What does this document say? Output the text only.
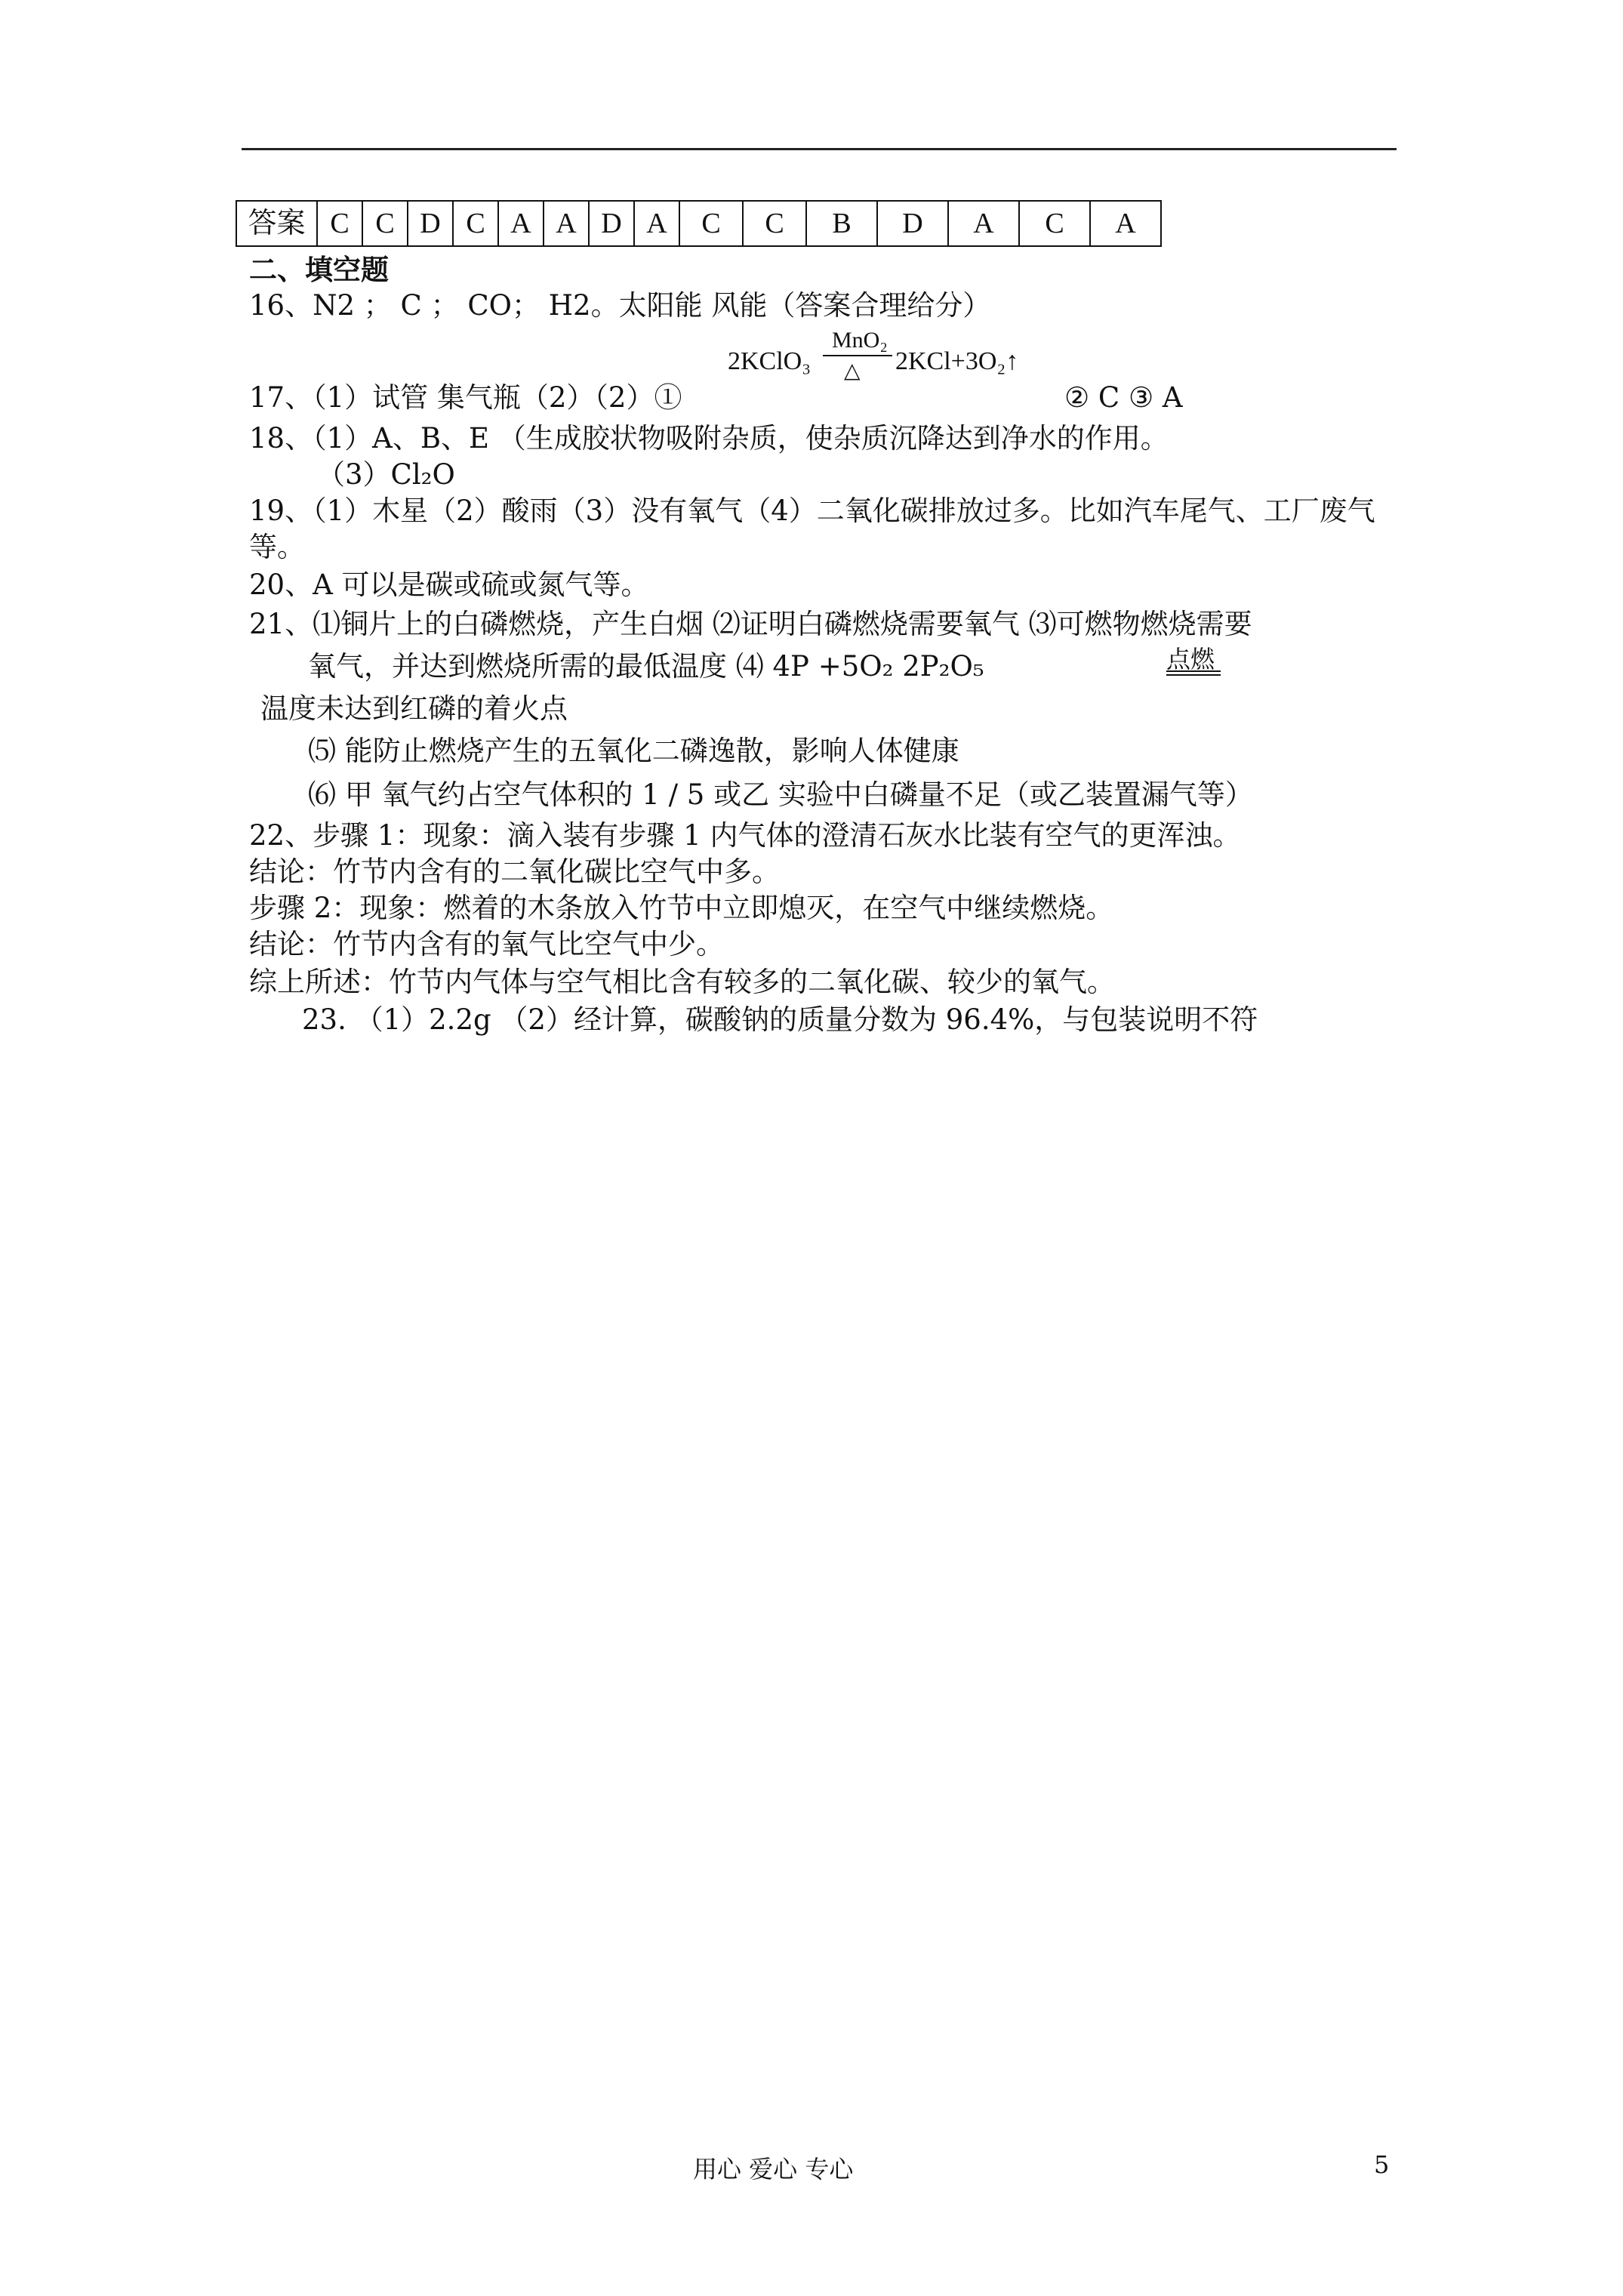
答案	C	C	D	C	A	A	D	A	C	C	B	D	A	C	A
二、填空题
16、N2 ； C ； CO； H2。太阳能 风能（答案合理给分）
17、（1）试管 集气瓶（2）（2）①
2KClO₃
MnO₂
△ 2KCl+3O₂↑
② C ③ A
18、（1）A、B、E （生成胶状物吸附杂质，使杂质沉降达到净水的作用。
（3）Cl₂O
19、（1）木星（2）酸雨（3）没有氧气（4）二氧化碳排放过多。比如汽车尾气、工厂废气
等。
20、A 可以是碳或硫或氮气等。
21、⑴铜片上的白磷燃烧，产生白烟 ⑵证明白磷燃烧需要氧气 ⑶可燃物燃烧需要
氧气，并达到燃烧所需的最低温度 ⑷ 4P +5O₂ 2P₂O₅	点燃
温度未达到红磷的着火点
⑸ 能防止燃烧产生的五氧化二磷逸散，影响人体健康
⑹ 甲 氧气约占空气体积的 1 / 5 或乙 实验中白磷量不足（或乙装置漏气等）
22、步骤 1：现象：滴入装有步骤 1 内气体的澄清石灰水比装有空气的更浑浊。
结论：竹节内含有的二氧化碳比空气中多。
步骤 2：现象：燃着的木条放入竹节中立即熄灭，在空气中继续燃烧。
结论：竹节内含有的氧气比空气中少。
综上所述：竹节内气体与空气相比含有较多的二氧化碳、较少的氧气。
23. （1）2.2g （2）经计算，碳酸钠的质量分数为 96.4%，与包装说明不符
用心 爱心 专心	5
